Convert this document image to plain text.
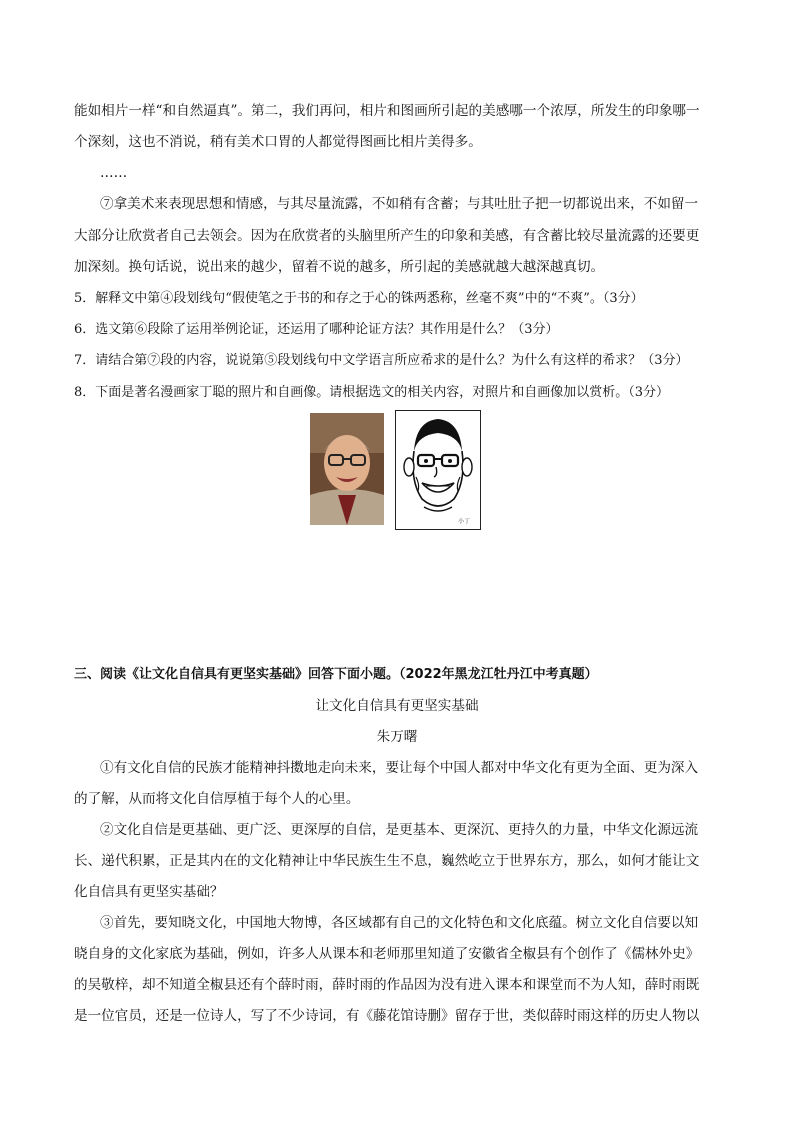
能如相片一样“和自然逼真”。第二，我们再问，相片和图画所引起的美感哪一个浓厚，所发生的印象哪一
个深刻，这也不消说，稍有美术口胃的人都觉得图画比相片美得多。
……
⑦拿美术来表现思想和情感，与其尽量流露，不如稍有含蓄；与其吐肚子把一切都说出来，不如留一
大部分让欣赏者自己去领会。因为在欣赏者的头脑里所产生的印象和美感，有含蓄比较尽量流露的还要更
加深刻。换句话说，说出来的越少，留着不说的越多，所引起的美感就越大越深越真切。
5．解释文中第④段划线句“假使笔之于书的和存之于心的铢两悉称，丝毫不爽”中的“不爽”。（3分）
6．选文第⑥段除了运用举例论证，还运用了哪种论证方法？其作用是什么？（3分）
7．请结合第⑦段的内容，说说第⑤段划线句中文学语言所应希求的是什么？为什么有这样的希求？（3分）
8．下面是著名漫画家丁聪的照片和自画像。请根据选文的相关内容，对照片和自画像加以赏析。（3分）
小丁
三、阅读《让文化自信具有更坚实基础》回答下面小题。（2022年黑龙江牡丹江中考真题）
让文化自信具有更坚实基础
朱万曙
①有文化自信的民族才能精神抖擞地走向未来，要让每个中国人都对中华文化有更为全面、更为深入
的了解，从而将文化自信厚植于每个人的心里。
②文化自信是更基础、更广泛、更深厚的自信，是更基本、更深沉、更持久的力量，中华文化源远流
长、递代积累，正是其内在的文化精神让中华民族生生不息，巍然屹立于世界东方，那么，如何才能让文
化自信具有更坚实基础？
③首先，要知晓文化，中国地大物博，各区域都有自己的文化特色和文化底蕴。树立文化自信要以知
晓自身的文化家底为基础，例如，许多人从课本和老师那里知道了安徽省全椒县有个创作了《儒林外史》
的吴敬梓，却不知道全椒县还有个薛时雨，薛时雨的作品因为没有进入课本和课堂而不为人知，薛时雨既
是一位官员，还是一位诗人，写了不少诗词，有《藤花馆诗删》留存于世，类似薛时雨这样的历史人物以
